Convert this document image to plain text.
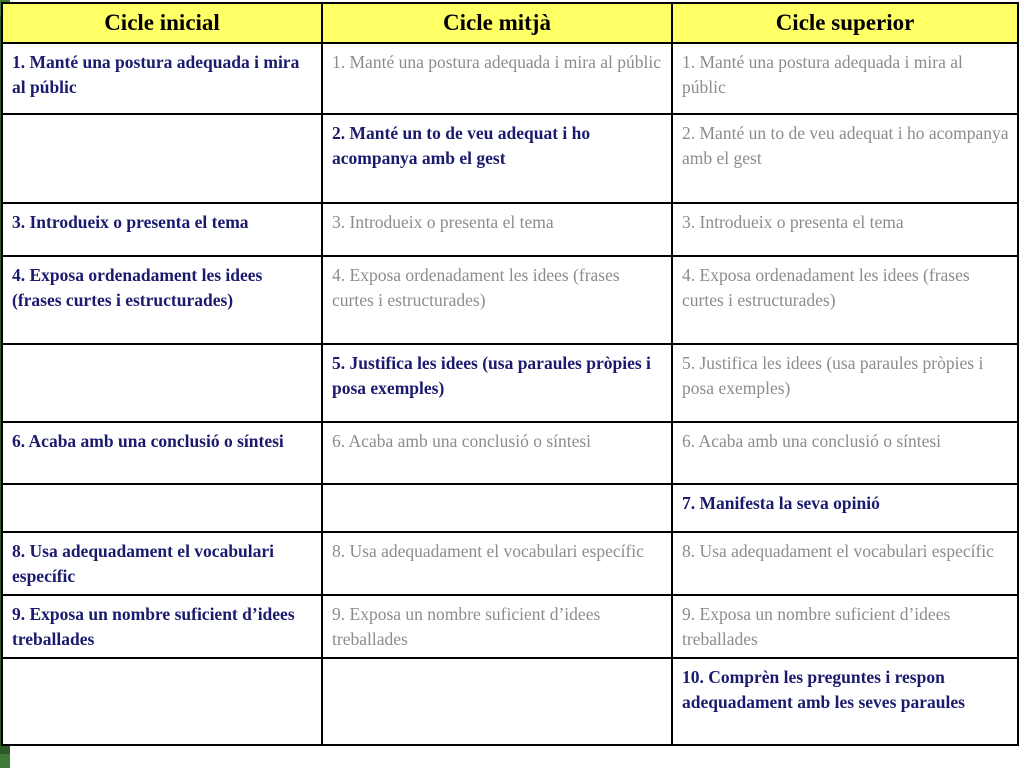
Cicle inicial	Cicle mitjà	Cicle superior
1. Manté una postura adequada i mira al públic	1. Manté una postura adequada i mira al públic	1. Manté una postura adequada i mira al públic
	2. Manté un to de veu adequat i ho acompanya amb el gest	2. Manté un to de veu adequat i ho acompanya amb el gest
3. Introdueix o presenta el tema	3. Introdueix o presenta el tema	3. Introdueix o presenta el tema
4. Exposa ordenadament les idees (frases curtes i estructurades)	4. Exposa ordenadament les idees (frases curtes i estructurades)	4. Exposa ordenadament les idees (frases curtes i estructurades)
	5. Justifica les idees (usa paraules pròpies i posa exemples)	5. Justifica les idees (usa paraules pròpies i posa exemples)
6. Acaba amb una conclusió o síntesi	6. Acaba amb una conclusió o síntesi	6. Acaba amb una conclusió o síntesi
		7. Manifesta la seva opinió
8. Usa adequadament el vocabulari específic	8. Usa adequadament el vocabulari específic	8. Usa adequadament el vocabulari específic
9. Exposa un nombre suficient d’idees treballades	9. Exposa un nombre suficient d’idees treballades	9. Exposa un nombre suficient d’idees treballades
		10. Comprèn les preguntes i respon adequadament amb les seves paraules
